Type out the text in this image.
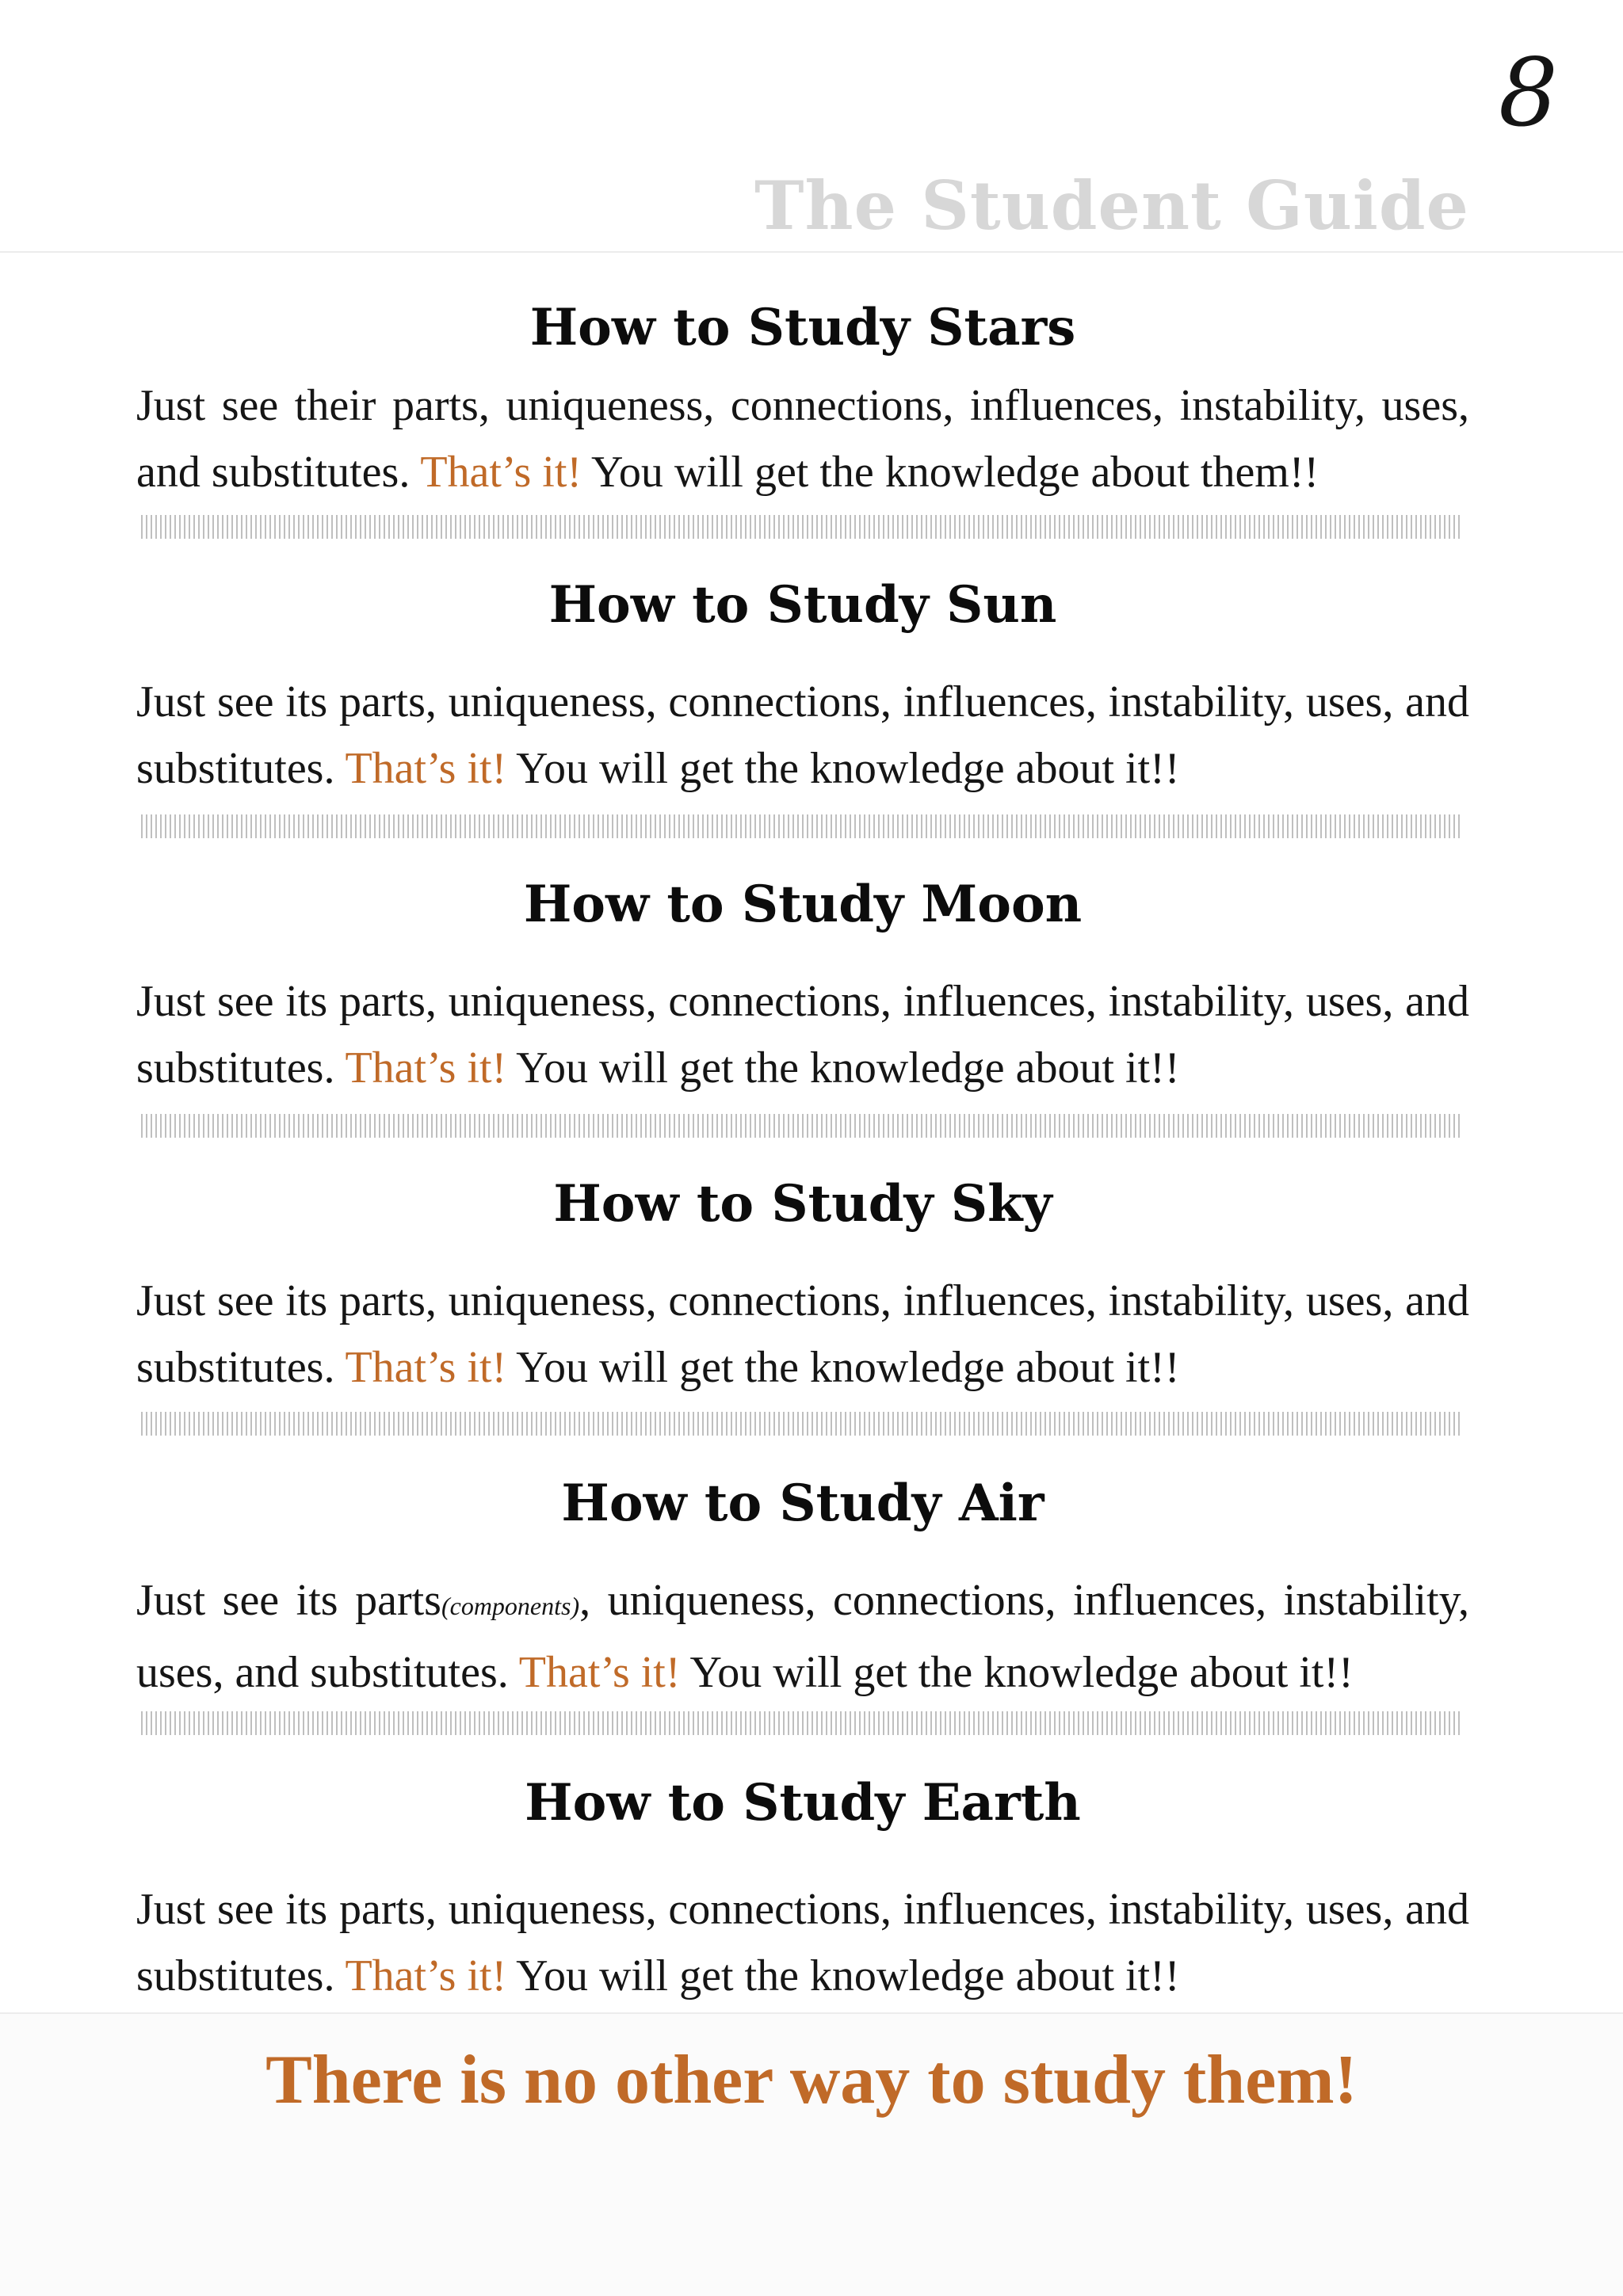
8
The Student Guide
How to Study Stars

Just see their parts, uniqueness, connections, influences, instability, uses, and substitutes. That’s it! You will get the knowledge about them!!

How to Study Sun

Just see its parts, uniqueness, connections, influences, instability, uses, and substitutes. That’s it! You will get the knowledge about it!!

How to Study Moon

Just see its parts, uniqueness, connections, influences, instability, uses, and substitutes. That’s it! You will get the knowledge about it!!

How to Study Sky

Just see its parts, uniqueness, connections, influences, instability, uses, and substitutes. That’s it! You will get the knowledge about it!!

How to Study Air

Just see its parts(components), uniqueness, connections, influences, instability, uses, and substitutes. That’s it! You will get the knowledge about it!!

How to Study Earth

Just see its parts, uniqueness, connections, influences, instability, uses, and substitutes. That’s it! You will get the knowledge about it!!

There is no other way to study them!
